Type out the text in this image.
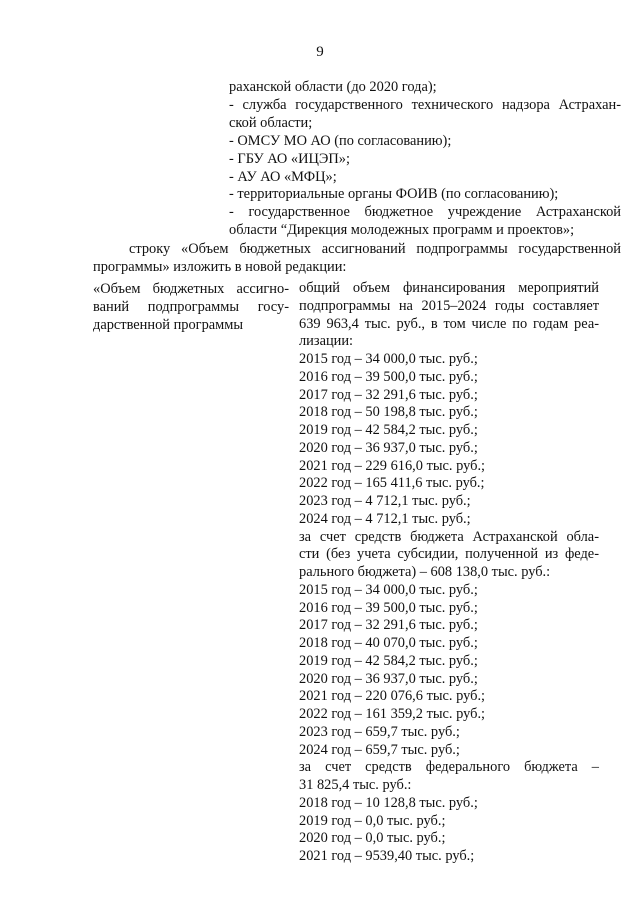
9
раханской области (до 2020 года);
- служба государственного технического надзора Астрахан-
ской области;
- ОМСУ МО АО (по согласованию);
- ГБУ АО «ИЦЭП»;
- АУ АО «МФЦ»;
- территориальные органы ФОИВ (по согласованию);
- государственное бюджетное учреждение Астраханской
области “Дирекция молодежных программ и проектов»;
строку «Объем бюджетных ассигнований подпрограммы государственной
программы» изложить в новой редакции:
«Объем бюджетных ассигно-
ваний подпрограммы госу-
дарственной программы
общий объем финансирования мероприятий
подпрограммы на 2015–2024 годы составляет
639 963,4 тыс. руб., в том числе по годам реа-
лизации:
2015 год – 34 000,0 тыс. руб.;
2016 год – 39 500,0 тыс. руб.;
2017 год – 32 291,6 тыс. руб.;
2018 год – 50 198,8 тыс. руб.;
2019 год – 42 584,2 тыс. руб.;
2020 год – 36 937,0 тыс. руб.;
2021 год – 229 616,0 тыс. руб.;
2022 год – 165 411,6 тыс. руб.;
2023 год – 4 712,1 тыс. руб.;
2024 год – 4 712,1 тыс. руб.;
за счет средств бюджета Астраханской обла-
сти (без учета субсидии, полученной из феде-
рального бюджета) – 608 138,0 тыс. руб.:
2015 год – 34 000,0 тыс. руб.;
2016 год – 39 500,0 тыс. руб.;
2017 год – 32 291,6 тыс. руб.;
2018 год – 40 070,0 тыс. руб.;
2019 год – 42 584,2 тыс. руб.;
2020 год – 36 937,0 тыс. руб.;
2021 год – 220 076,6 тыс. руб.;
2022 год – 161 359,2 тыс. руб.;
2023 год – 659,7 тыс. руб.;
2024 год – 659,7 тыс. руб.;
за счет средств федерального бюджета –
31 825,4 тыс. руб.:
2018 год – 10 128,8 тыс. руб.;
2019 год – 0,0 тыс. руб.;
2020 год – 0,0 тыс. руб.;
2021 год – 9539,40 тыс. руб.;
